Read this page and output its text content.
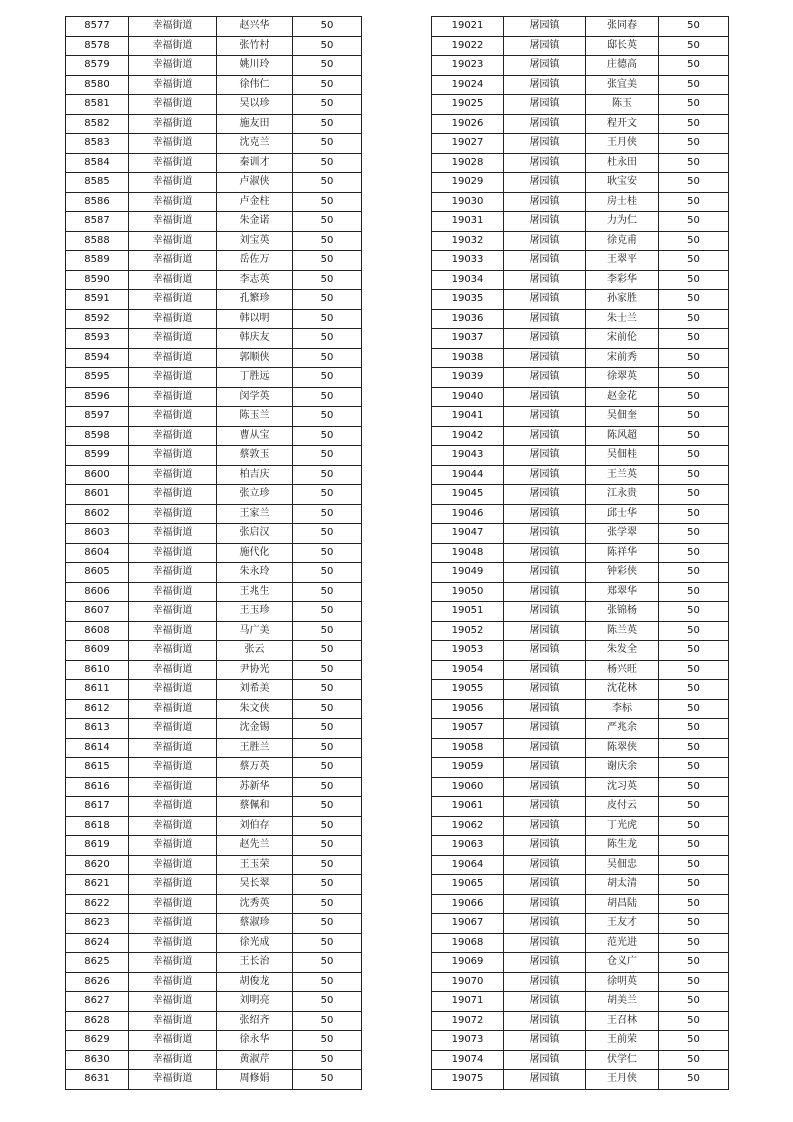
8577	幸福街道	赵兴华	50
8578	幸福街道	张竹村	50
8579	幸福街道	姚川玲	50
8580	幸福街道	徐伟仁	50
8581	幸福街道	吴以珍	50
8582	幸福街道	施友田	50
8583	幸福街道	沈克兰	50
8584	幸福街道	秦训才	50
8585	幸福街道	卢淑侠	50
8586	幸福街道	卢金柱	50
8587	幸福街道	朱金诺	50
8588	幸福街道	刘宝英	50
8589	幸福街道	岳佐万	50
8590	幸福街道	李志英	50
8591	幸福街道	孔繁珍	50
8592	幸福街道	韩以明	50
8593	幸福街道	韩庆友	50
8594	幸福街道	郭顺侠	50
8595	幸福街道	丁胜远	50
8596	幸福街道	闵学英	50
8597	幸福街道	陈玉兰	50
8598	幸福街道	曹从宝	50
8599	幸福街道	蔡敦玉	50
8600	幸福街道	柏吉庆	50
8601	幸福街道	张立珍	50
8602	幸福街道	王家兰	50
8603	幸福街道	张启汉	50
8604	幸福街道	施代化	50
8605	幸福街道	朱永玲	50
8606	幸福街道	王兆生	50
8607	幸福街道	王玉珍	50
8608	幸福街道	马广美	50
8609	幸福街道	张云	50
8610	幸福街道	尹协光	50
8611	幸福街道	刘希美	50
8612	幸福街道	朱文侠	50
8613	幸福街道	沈金锡	50
8614	幸福街道	王胜兰	50
8615	幸福街道	蔡万英	50
8616	幸福街道	苏新华	50
8617	幸福街道	蔡佩和	50
8618	幸福街道	刘伯存	50
8619	幸福街道	赵先兰	50
8620	幸福街道	王玉荣	50
8621	幸福街道	吴长翠	50
8622	幸福街道	沈秀英	50
8623	幸福街道	蔡淑珍	50
8624	幸福街道	徐光成	50
8625	幸福街道	王长治	50
8626	幸福街道	胡俊龙	50
8627	幸福街道	刘明亮	50
8628	幸福街道	张绍齐	50
8629	幸福街道	徐永华	50
8630	幸福街道	黄淑芹	50
8631	幸福街道	周修娟	50
19021	屠园镇	张同春	50
19022	屠园镇	邸长英	50
19023	屠园镇	庄德高	50
19024	屠园镇	张宜美	50
19025	屠园镇	陈玉	50
19026	屠园镇	程开文	50
19027	屠园镇	王月侠	50
19028	屠园镇	杜永田	50
19029	屠园镇	耿宝安	50
19030	屠园镇	房士桂	50
19031	屠园镇	力为仁	50
19032	屠园镇	徐克甫	50
19033	屠园镇	王翠平	50
19034	屠园镇	李彩华	50
19035	屠园镇	孙家胜	50
19036	屠园镇	朱士兰	50
19037	屠园镇	宋前伦	50
19038	屠园镇	宋前秀	50
19039	屠园镇	徐翠英	50
19040	屠园镇	赵金花	50
19041	屠园镇	吴佃奎	50
19042	屠园镇	陈风超	50
19043	屠园镇	吴佃桂	50
19044	屠园镇	王兰英	50
19045	屠园镇	江永贵	50
19046	屠园镇	邱士华	50
19047	屠园镇	张学翠	50
19048	屠园镇	陈祥华	50
19049	屠园镇	钟彩侠	50
19050	屠园镇	郑翠华	50
19051	屠园镇	张锦杨	50
19052	屠园镇	陈兰英	50
19053	屠园镇	朱发全	50
19054	屠园镇	杨兴旺	50
19055	屠园镇	沈花林	50
19056	屠园镇	李标	50
19057	屠园镇	严兆余	50
19058	屠园镇	陈翠侠	50
19059	屠园镇	谢庆余	50
19060	屠园镇	沈习英	50
19061	屠园镇	皮付云	50
19062	屠园镇	丁光虎	50
19063	屠园镇	陈生龙	50
19064	屠园镇	吴佃忠	50
19065	屠园镇	胡太清	50
19066	屠园镇	胡昌陆	50
19067	屠园镇	王友才	50
19068	屠园镇	范光进	50
19069	屠园镇	仓义广	50
19070	屠园镇	徐明英	50
19071	屠园镇	胡美兰	50
19072	屠园镇	王召林	50
19073	屠园镇	王前荣	50
19074	屠园镇	伏学仁	50
19075	屠园镇	王月侠	50
